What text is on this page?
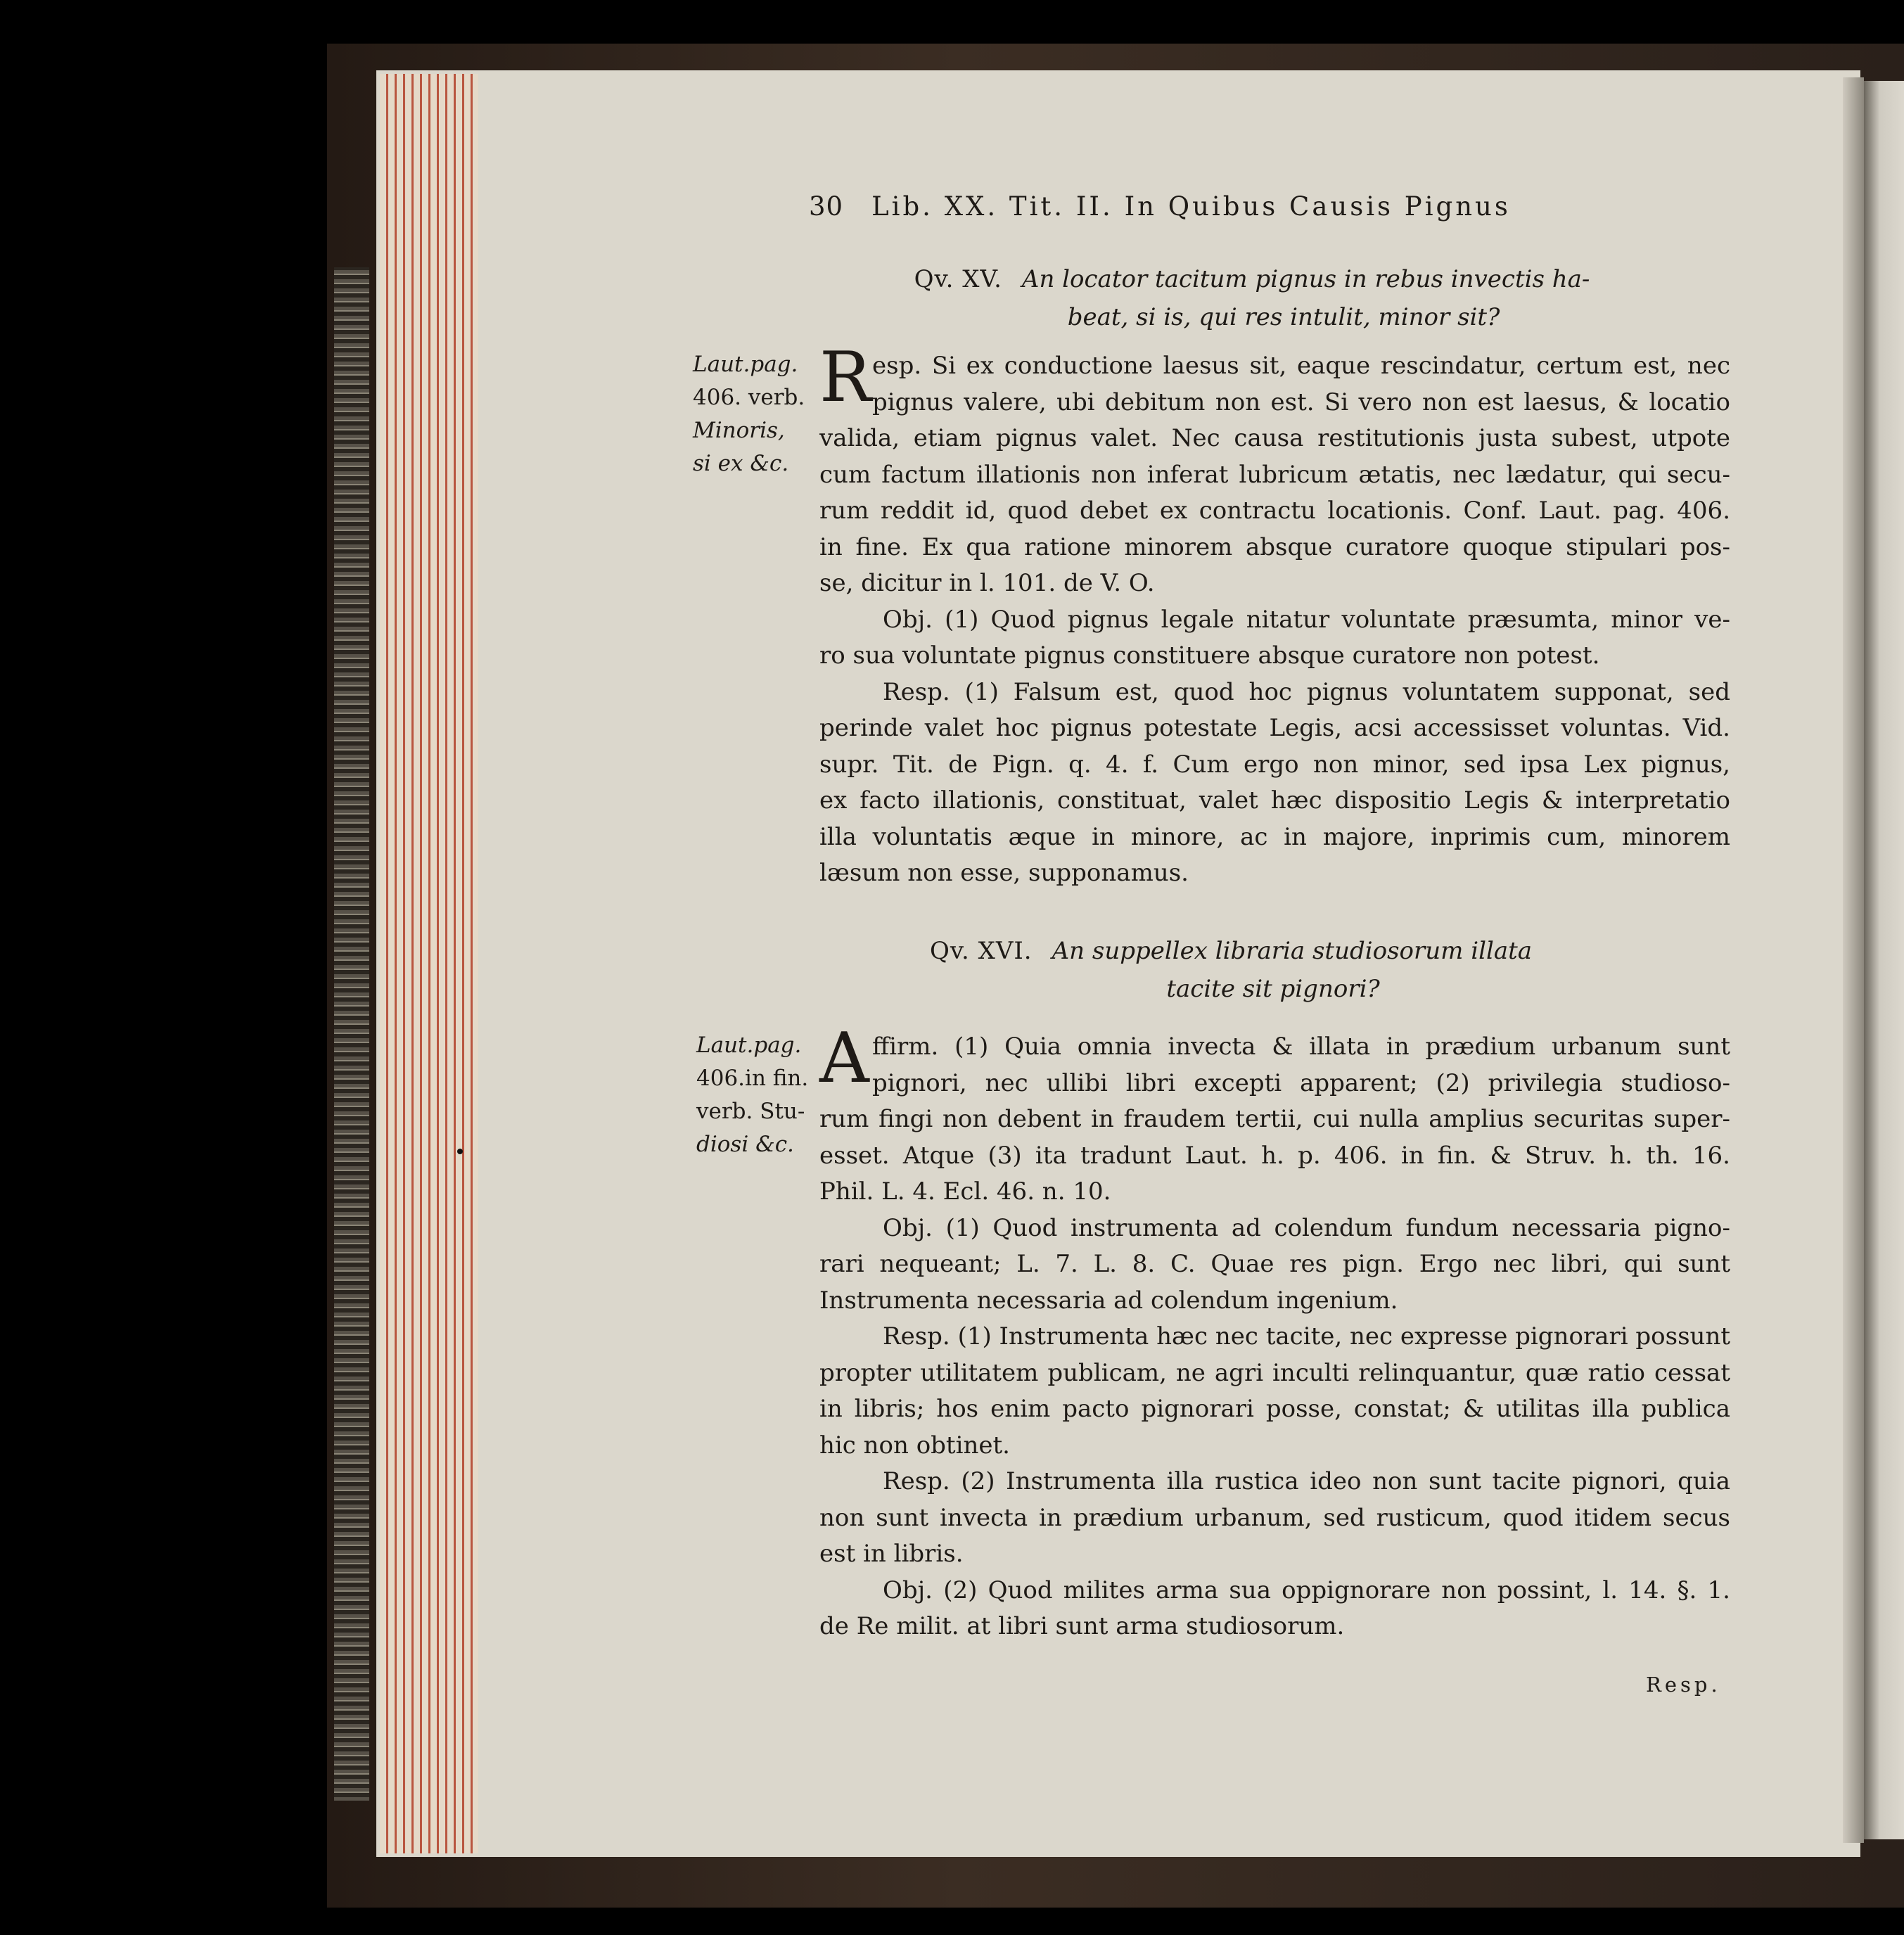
30 Lib. XX. Tit. II. In Quibus Causis Pignus
Qv. XV. An locator tacitum pignus in rebus invectis ha-
beat, si is, qui res intulit, minor sit?
Laut.pag.
406. verb.
Minoris,
si ex &c.
R esp. Si ex conductione laesus sit, eaque rescindatur, certum est, nec
pignus valere, ubi debitum non est. Si vero non est laesus, & locatio
valida, etiam pignus valet. Nec causa restitutionis justa subest, utpote
cum factum illationis non inferat lubricum ætatis, nec lædatur, qui secu-
rum reddit id, quod debet ex contractu locationis. Conf. Laut. pag. 406.
in fine. Ex qua ratione minorem absque curatore quoque stipulari pos-
se, dicitur in l. 101. de V. O.
Obj. (1) Quod pignus legale nitatur voluntate præsumta, minor ve-
ro sua voluntate pignus constituere absque curatore non potest.
Resp. (1) Falsum est, quod hoc pignus voluntatem supponat, sed
perinde valet hoc pignus potestate Legis, acsi accessisset voluntas. Vid.
supr. Tit. de Pign. q. 4. f. Cum ergo non minor, sed ipsa Lex pignus,
ex facto illationis, constituat, valet hæc dispositio Legis & interpretatio
illa voluntatis æque in minore, ac in majore, inprimis cum, minorem
læsum non esse, supponamus.
Qv. XVI. An suppellex libraria studiosorum illata
tacite sit pignori?
Laut.pag.
406.in fin.
verb. Stu-
diosi &c.
A ffirm. (1) Quia omnia invecta & illata in prædium urbanum sunt
pignori, nec ullibi libri excepti apparent; (2) privilegia studioso-
rum fingi non debent in fraudem tertii, cui nulla amplius securitas super-
esset. Atque (3) ita tradunt Laut. h. p. 406. in fin. & Struv. h. th. 16.
Phil. L. 4. Ecl. 46. n. 10.
Obj. (1) Quod instrumenta ad colendum fundum necessaria pigno-
rari nequeant; L. 7. L. 8. C. Quae res pign. Ergo nec libri, qui sunt
Instrumenta necessaria ad colendum ingenium.
Resp. (1) Instrumenta hæc nec tacite, nec expresse pignorari possunt
propter utilitatem publicam, ne agri inculti relinquantur, quæ ratio cessat
in libris; hos enim pacto pignorari posse, constat; & utilitas illa publica
hic non obtinet.
Resp. (2) Instrumenta illa rustica ideo non sunt tacite pignori, quia
non sunt invecta in prædium urbanum, sed rusticum, quod itidem secus
est in libris.
Obj. (2) Quod milites arma sua oppignorare non possint, l. 14. §. 1.
de Re milit. at libri sunt arma studiosorum.
Resp.
